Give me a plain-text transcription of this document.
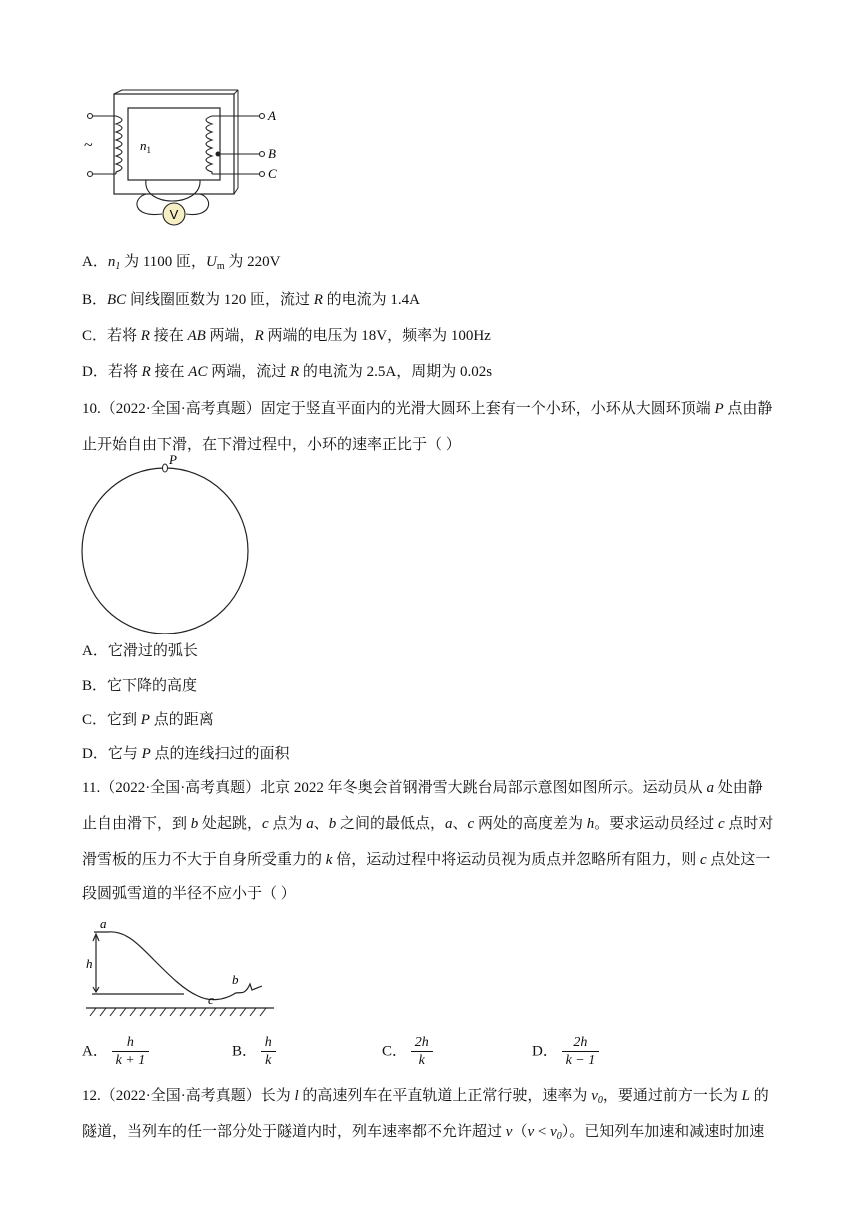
V
~	$n_1$
A
B
C
A．$n_1$ 为 1100 匝，$U_m$ 为 220V
B．BC 间线圈匝数为 120 匝，流过 R 的电流为 1.4A
C．若将 R 接在 AB 两端，R 两端的电压为 18V，频率为 100Hz
D．若将 R 接在 AC 两端，流过 R 的电流为 2.5A，周期为 0.02s
10.（2022·全国·高考真题）固定于竖直平面内的光滑大圆环上套有一个小环，小环从大圆环顶端 P 点由静
止开始自由下滑，在下滑过程中，小环的速率正比于（ ）
P
A．它滑过的弧长
B．它下降的高度
C．它到 P 点的距离
D．它与 P 点的连线扫过的面积
11.（2022·全国·高考真题）北京 2022 年冬奥会首钢滑雪大跳台局部示意图如图所示。运动员从 a 处由静
止自由滑下，到 b 处起跳，c 点为 a、b 之间的最低点，a、c 两处的高度差为 h。要求运动员经过 c 点时对
滑雪板的压力不大于自身所受重力的 k 倍，运动过程中将运动员视为质点并忽略所有阻力，则 c 点处这一
段圆弧雪道的半径不应小于（ ）
a
h
b
c
A． $\frac{h}{k + 1}$	B． $\frac{h}{k}$	C． $\frac{2h}{k}$	D． $\frac{2h}{k - 1}$
12.（2022·全国·高考真题）长为 l 的高速列车在平直轨道上正常行驶，速率为 $v_0$，要通过前方一长为 L 的
隧道，当列车的任一部分处于隧道内时，列车速率都不允许超过 $v(v < v_0)$。已知列车加速和减速时加速
